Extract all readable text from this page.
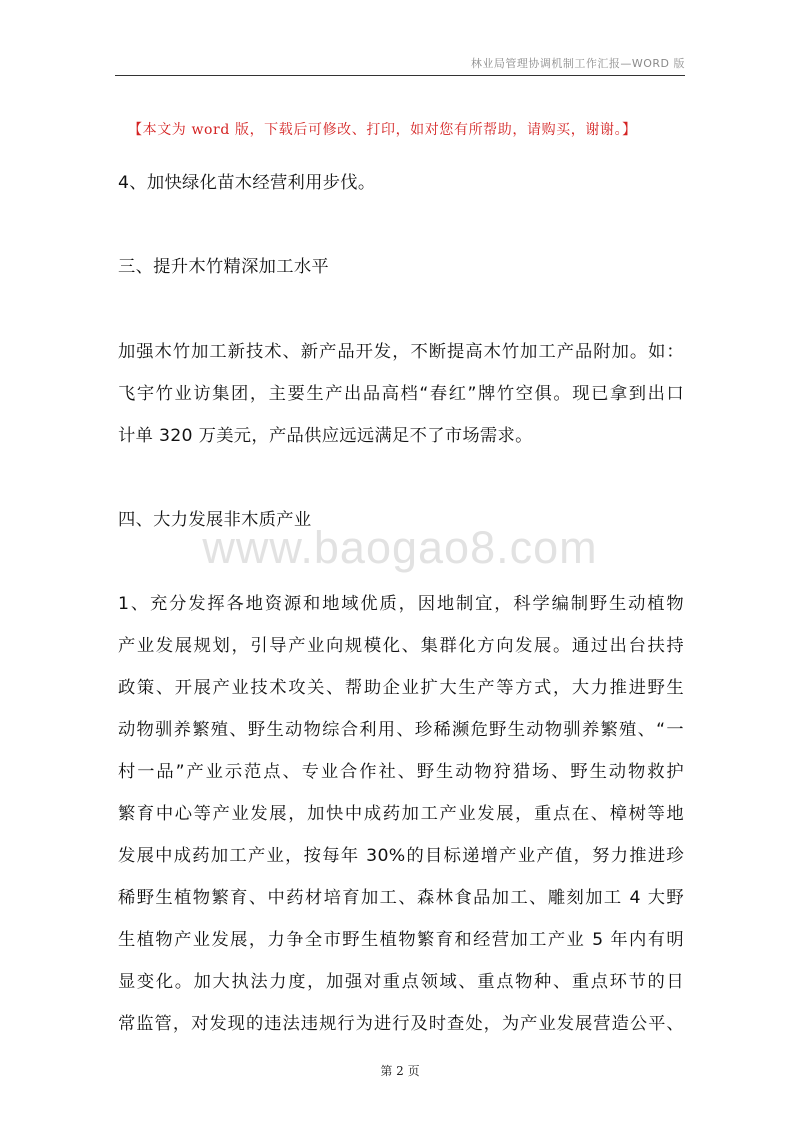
林业局管理协调机制工作汇报—WORD 版
【本文为 word 版，下载后可修改、打印，如对您有所帮助，请购买，谢谢。】
4、加快绿化苗木经营利用步伐。
三、提升木竹精深加工水平
加强木竹加工新技术、新产品开发，不断提高木竹加工产品附加。如：
飞宇竹业访集团，主要生产出品高档“春红”牌竹空俱。现已拿到出口
计单 320 万美元，产品供应远远满足不了市场需求。
四、大力发展非木质产业
www.baogao8.com
1、充分发挥各地资源和地域优质，因地制宜，科学编制野生动植物
产业发展规划，引导产业向规模化、集群化方向发展。通过出台扶持
政策、开展产业技术攻关、帮助企业扩大生产等方式，大力推进野生
动物驯养繁殖、野生动物综合利用、珍稀濒危野生动物驯养繁殖、“一
村一品”产业示范点、专业合作社、野生动物狩猎场、野生动物救护
繁育中心等产业发展，加快中成药加工产业发展，重点在、樟树等地
发展中成药加工产业，按每年 30%的目标递增产业产值，努力推进珍
稀野生植物繁育、中药材培育加工、森林食品加工、雕刻加工 4 大野
生植物产业发展，力争全市野生植物繁育和经营加工产业 5 年内有明
显变化。加大执法力度，加强对重点领域、重点物种、重点环节的日
常监管，对发现的违法违规行为进行及时查处，为产业发展营造公平、
第 2 页
